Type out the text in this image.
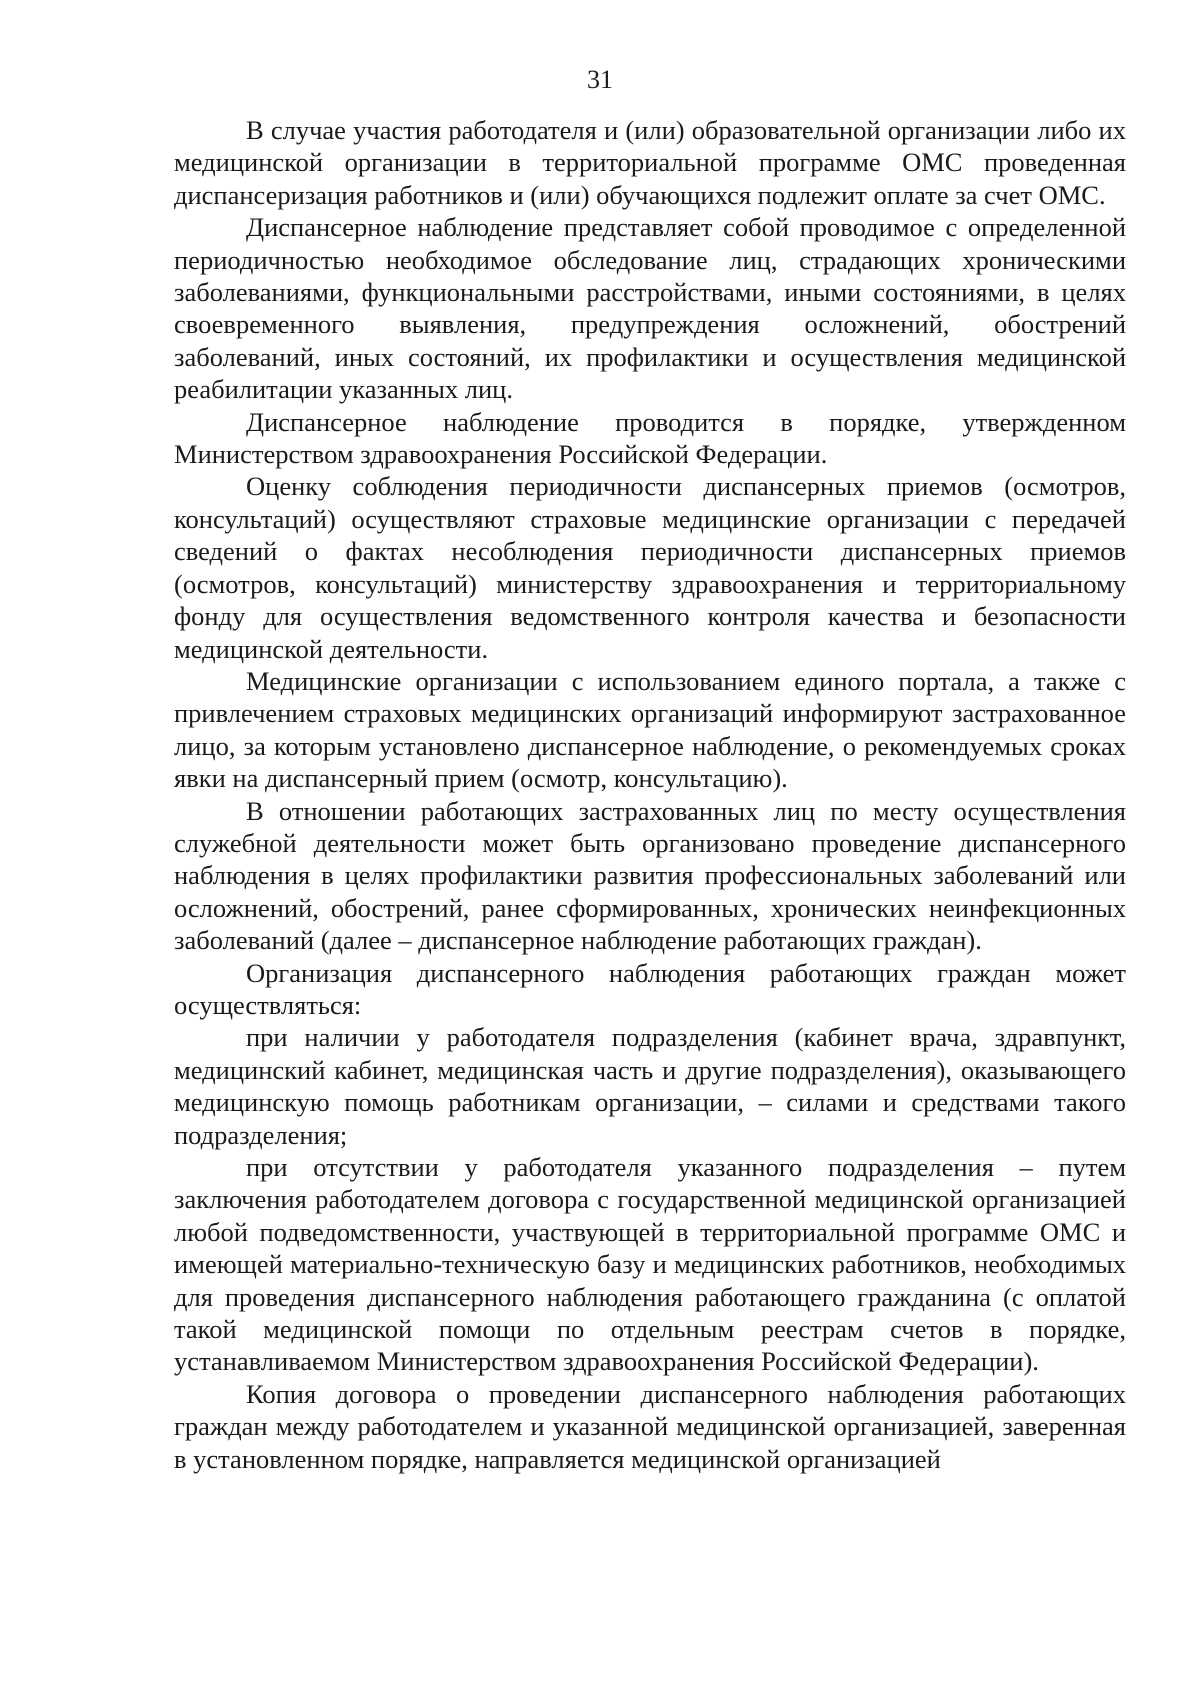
31

В случае участия работодателя и (или) образовательной организации либо их медицинской организации в территориальной программе ОМС проведенная диспансеризация работников и (или) обучающихся подлежит оплате за счет ОМС.

Диспансерное наблюдение представляет собой проводимое с определенной периодичностью необходимое обследование лиц, страдающих хроническими заболеваниями, функциональными расстройствами, иными состояниями, в целях своевременного выявления, предупреждения осложнений, обострений заболеваний, иных состояний, их профилактики и осуществления медицинской реабилитации указанных лиц.

Диспансерное наблюдение проводится в порядке, утвержденном Министерством здравоохранения Российской Федерации.

Оценку соблюдения периодичности диспансерных приемов (осмотров, консультаций) осуществляют страховые медицинские организации с передачей сведений о фактах несоблюдения периодичности диспансерных приемов (осмотров, консультаций) министерству здравоохранения и территориальному фонду для осуществления ведомственного контроля качества и безопасности медицинской деятельности.

Медицинские организации с использованием единого портала, а также с привлечением страховых медицинских организаций информируют застрахованное лицо, за которым установлено диспансерное наблюдение, о рекомендуемых сроках явки на диспансерный прием (осмотр, консультацию).

В отношении работающих застрахованных лиц по месту осуществления служебной деятельности может быть организовано проведение диспансерного наблюдения в целях профилактики развития профессиональных заболеваний или осложнений, обострений, ранее сформированных, хронических неинфекционных заболеваний (далее – диспансерное наблюдение работающих граждан).

Организация диспансерного наблюдения работающих граждан может осуществляться:

при наличии у работодателя подразделения (кабинет врача, здравпункт, медицинский кабинет, медицинская часть и другие подразделения), оказывающего медицинскую помощь работникам организации, – силами и средствами такого подразделения;

при отсутствии у работодателя указанного подразделения – путем заключения работодателем договора с государственной медицинской организацией любой подведомственности, участвующей в территориальной программе ОМС и имеющей материально-техническую базу и медицинских работников, необходимых для проведения диспансерного наблюдения работающего гражданина (с оплатой такой медицинской помощи по отдельным реестрам счетов в порядке, устанавливаемом Министерством здравоохранения Российской Федерации).

Копия договора о проведении диспансерного наблюдения работающих граждан между работодателем и указанной медицинской организацией, заверенная в установленном порядке, направляется медицинской организацией
